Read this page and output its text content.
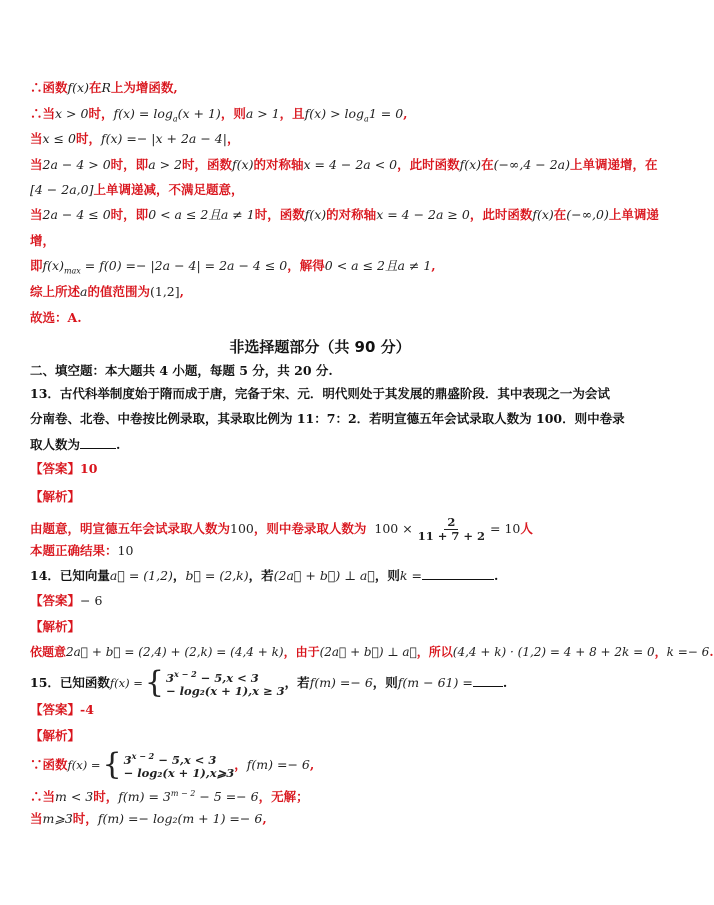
∴函数f(x)在R上为增函数,
∴当x > 0时，$f(x) = \log_a(x + 1)$，则a > 1，且$f(x) > \log_a1 = 0$,
当x ≤ 0时，f(x) =− |x + 2a − 4|，
当2a − 4 > 0时，即a > 2时，函数f(x)的对称轴x = 4 − 2a < 0，此时函数f(x)在(−∞,4 − 2a)上单调递增，在
[4 − 2a,0]上单调递减，不满足题意，
当2a − 4 ≤ 0时，即0 < a ≤ 2且a ≠ 1时，函数f(x)的对称轴x = 4 − 2a ≥ 0，此时函数f(x)在(−∞,0)上单调递
增，
即$f(x)_{max} = f(0) =- |2a - 4| = 2a - 4 \le 0$，解得0 < a ≤ 2且a ≠ 1,
综上所述a的值范围为(1,2],
故选：A.
非选择题部分（共 90 分）
二、填空题：本大题共 4 小题，每题 5 分，共 20 分.
13．古代科举制度始于隋而成于唐，完备于宋、元．明代则处于其发展的鼎盛阶段．其中表现之一为会试
分南卷、北卷、中卷按比例录取，其录取比例为 11：7：2．若明宣德五年会试录取人数为 100．则中卷录
取人数为	.
【答案】10
【解析】
由题意，明宣德五年会试录取人数为100，则中卷录取人数为 $100 \times \frac{2}{11 + 7 + 2} = 10$人
本题正确结果：10
14．已知向量a⃗ = (1,2)，b⃗ = (2,k)，若(2a⃗ + b⃗) ⊥ a⃗，则k =	.
【答案】− 6
【解析】
依题意2a⃗ + b⃗ = (2,4) + (2,k) = (4,4 + k)，由于(2a⃗ + b⃗) ⊥ a⃗，所以(4,4 + k) · (1,2) = 4 + 8 + 2k = 0，k =− 6.
15．已知函数 f(x) = { $3^{x - 2} - 5,x < 3$
− log₂(x + 1),x ≥ 3
，若f(m) =− 6，则f(m − 61) = .
【答案】-4
【解析】
∵函数 f(x) = { $3^{x - 2} - 5,x < 3$
− log₂(x + 1),x⩾3
，f(m) =− 6,
∴当m < 3时，$f(m) = 3^{m - 2} - 5 =- 6$，无解；
当m⩾3时，f(m) =− log₂(m + 1) =− 6,
